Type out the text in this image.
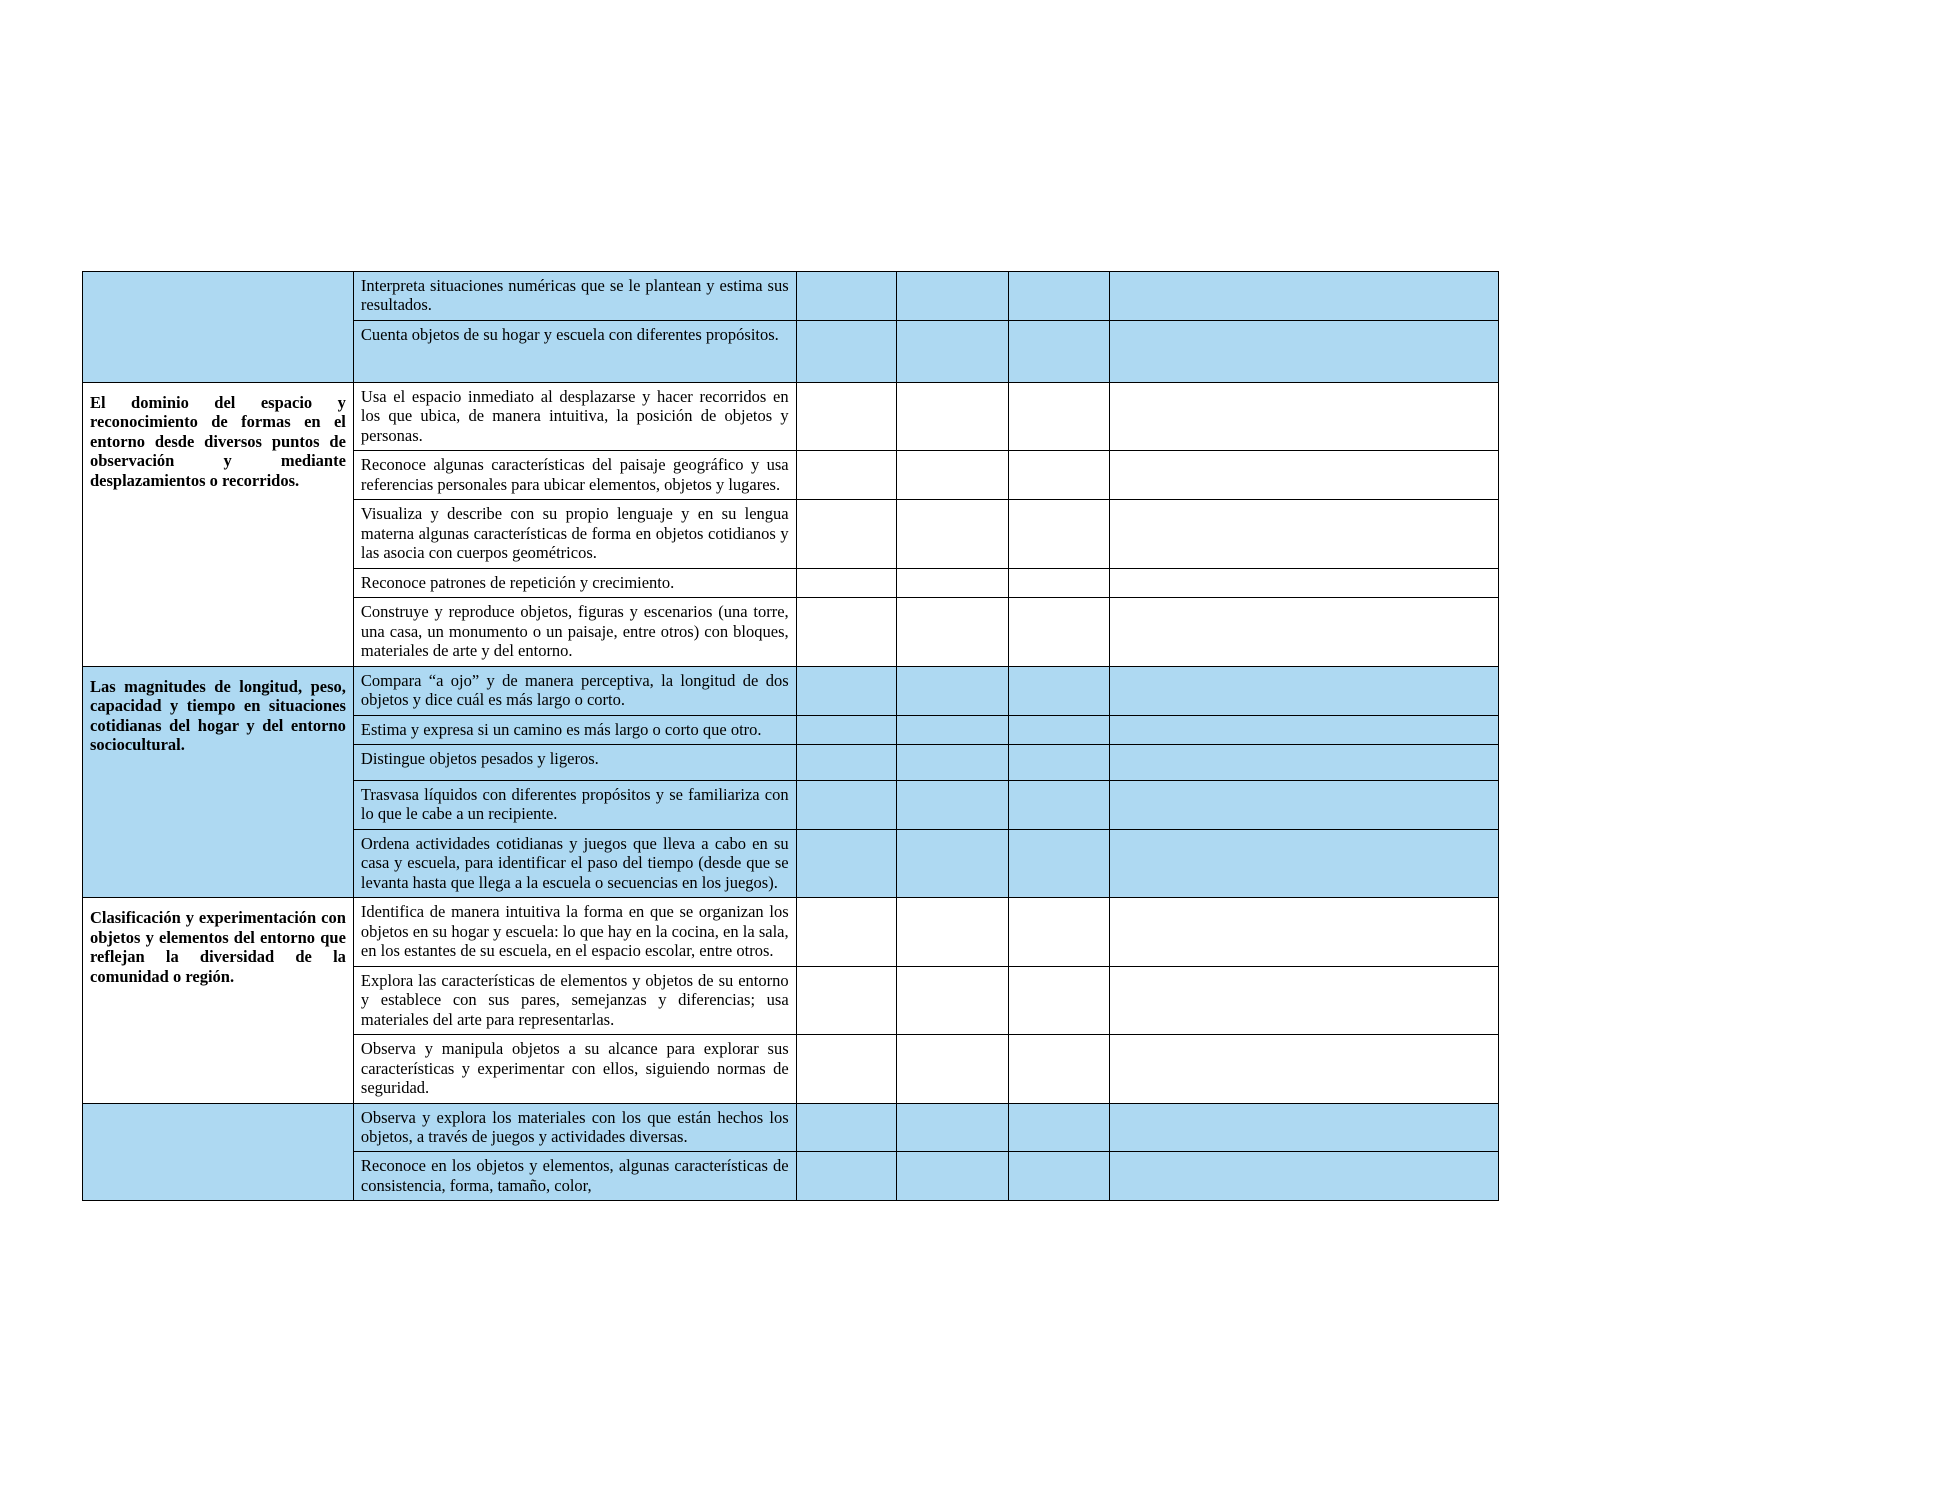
	Interpreta situaciones numéricas que se le plantean y estima sus resultados.				
	Cuenta objetos de su hogar y escuela con diferentes propósitos.				
El dominio del espacio y reconocimiento de formas en el entorno desde diversos puntos de observación y mediante desplazamientos o recorridos.	Usa el espacio inmediato al desplazarse y hacer recorridos en los que ubica, de manera intuitiva, la posición de objetos y personas.				
	Reconoce algunas características del paisaje geográfico y usa referencias personales para ubicar elementos, objetos y lugares.				
	Visualiza y describe con su propio lenguaje y en su lengua materna algunas características de forma en objetos cotidianos y las asocia con cuerpos geométricos.				
	Reconoce patrones de repetición y crecimiento.				
	Construye y reproduce objetos, figuras y escenarios (una torre, una casa, un monumento o un paisaje, entre otros) con bloques, materiales de arte y del entorno.				
Las magnitudes de longitud, peso, capacidad y tiempo en situaciones cotidianas del hogar y del entorno sociocultural.	Compara “a ojo” y de manera perceptiva, la longitud de dos objetos y dice cuál es más largo o corto.				
	Estima y expresa si un camino es más largo o corto que otro.				
	Distingue objetos pesados y ligeros.				
	Trasvasa líquidos con diferentes propósitos y se familiariza con lo que le cabe a un recipiente.				
	Ordena actividades cotidianas y juegos que lleva a cabo en su casa y escuela, para identificar el paso del tiempo (desde que se levanta hasta que llega a la escuela o secuencias en los juegos).				
Clasificación y experimentación con objetos y elementos del entorno que reflejan la diversidad de la comunidad o región.	Identifica de manera intuitiva la forma en que se organizan los objetos en su hogar y escuela: lo que hay en la cocina, en la sala, en los estantes de su escuela, en el espacio escolar, entre otros.				
	Explora las características de elementos y objetos de su entorno y establece con sus pares, semejanzas y diferencias; usa materiales del arte para representarlas.				
	Observa y manipula objetos a su alcance para explorar sus características y experimentar con ellos, siguiendo normas de seguridad.				
	Observa y explora los materiales con los que están hechos los objetos, a través de juegos y actividades diversas.				
	Reconoce en los objetos y elementos, algunas características de consistencia, forma, tamaño, color,				
